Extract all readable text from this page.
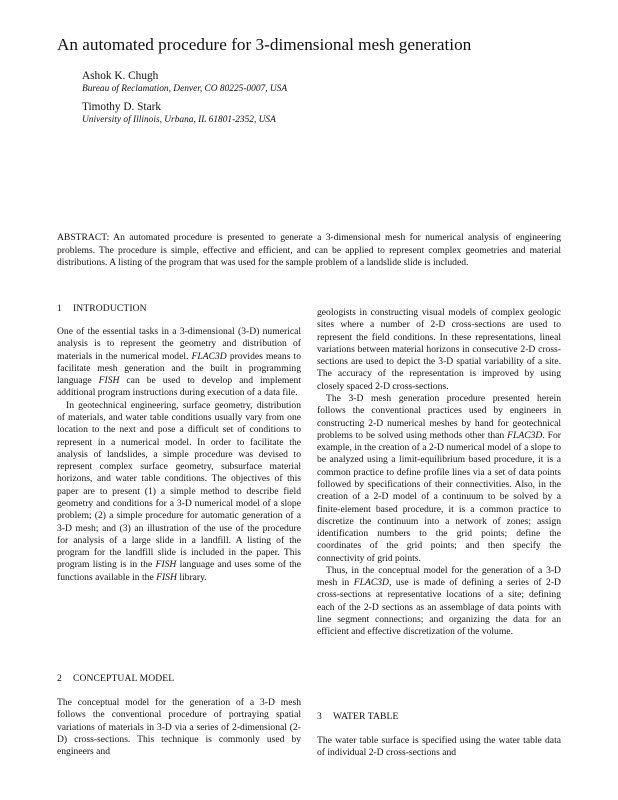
An automated procedure for 3-dimensional mesh generation
Ashok K. Chugh
Bureau of Reclamation, Denver, CO 80225-0007, USA
Timothy D. Stark
University of Illinois, Urbana, IL 61801-2352, USA
ABSTRACT: An automated procedure is presented to generate a 3-dimensional mesh for numerical analysis of engineering problems. The procedure is simple, effective and efficient, and can be applied to represent complex geometries and material distributions. A listing of the program that was used for the sample problem of a landslide slide is included.
1 INTRODUCTION

One of the essential tasks in a 3-dimensional (3-D) numerical analysis is to represent the geometry and distribution of materials in the numerical model. FLAC3D provides means to facilitate mesh generation and the built in programming language FISH can be used to develop and implement additional program instructions during execution of a data file.

In geotechnical engineering, surface geometry, distribution of materials, and water table conditions usually vary from one location to the next and pose a difficult set of conditions to represent in a numerical model. In order to facilitate the analysis of landslides, a simple procedure was devised to represent complex surface geometry, subsurface material horizons, and water table conditions. The objectives of this paper are to present (1) a simple method to describe field geometry and conditions for a 3-D numerical model of a slope problem; (2) a simple procedure for automatic generation of a 3-D mesh; and (3) an illustration of the use of the procedure for analysis of a large slide in a landfill. A listing of the program for the landfill slide is included in the paper. This program listing is in the FISH language and uses some of the functions available in the FISH library.

2 CONCEPTUAL MODEL

The conceptual model for the generation of a 3-D mesh follows the conventional procedure of portraying spatial variations of materials in 3-D via a series of 2-dimensional (2-D) cross-sections. This technique is commonly used by engineers and

geologists in constructing visual models of complex geologic sites where a number of 2-D cross-sections are used to represent the field conditions. In these representations, lineal variations between material horizons in consecutive 2-D cross-sections are used to depict the 3-D spatial variability of a site. The accuracy of the representation is improved by using closely spaced 2-D cross-sections.

The 3-D mesh generation procedure presented herein follows the conventional practices used by engineers in constructing 2-D numerical meshes by hand for geotechnical problems to be solved using methods other than FLAC3D. For example, in the creation of a 2-D numerical model of a slope to be analyzed using a limit-equilibrium based procedure, it is a common practice to define profile lines via a set of data points followed by specifications of their connectivities. Also, in the creation of a 2-D model of a continuum to be solved by a finite-element based procedure, it is a common practice to discretize the continuum into a network of zones; assign identification numbers to the grid points; define the coordinates of the grid points; and then specify the connectivity of grid points.

Thus, in the conceptual model for the generation of a 3-D mesh in FLAC3D, use is made of defining a series of 2-D cross-sections at representative locations of a site; defining each of the 2-D sections as an assemblage of data points with line segment connections; and organizing the data for an efficient and effective discretization of the volume.

3 WATER TABLE

The water table surface is specified using the water table data of individual 2-D cross-sections and
